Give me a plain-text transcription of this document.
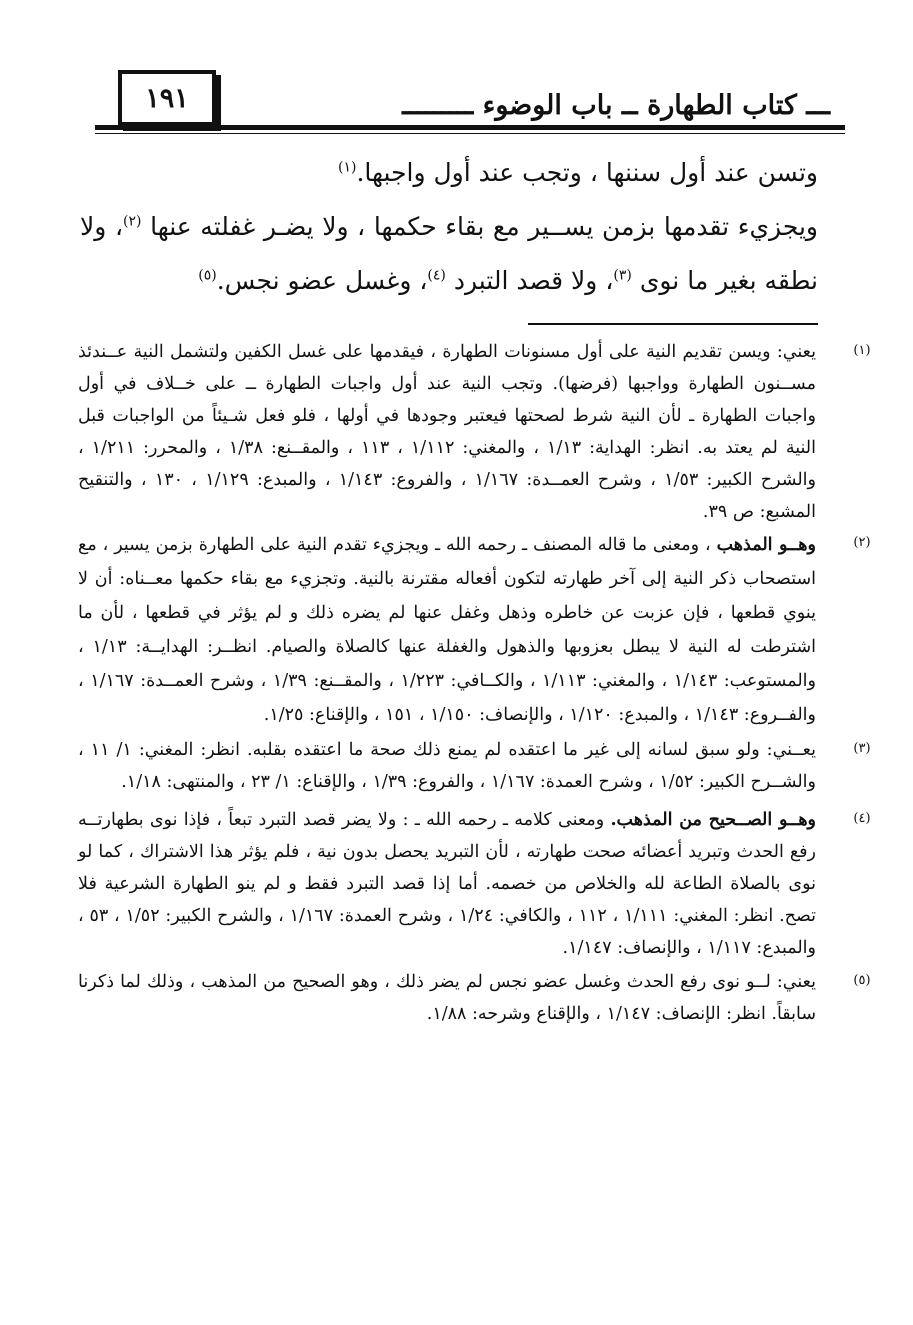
١٩١	ـــ كتاب الطهارة ــ باب الوضوء ـــــــــ

وتسن عند أول سننها ، وتجب عند أول واجبها.$^{(١)}$

ويجزيء تقدمها بزمن يســير مع بقاء حكمها ، ولا يضـر غفلته عنها $^{(٢)}$، ولا نطقه بغير ما نوى $^{(٣)}$، ولا قصد التبرد $^{(٤)}$، وغسل عضو نجس.$^{(٥)}$

(١)
يعني: ويسن تقديم النية على أول مسنونات الطهارة ، فيقدمها على غسل الكفين ولتشمل النية عــندئذ مســنون الطهارة وواجبها (فرضها). وتجب النية عند أول واجبات الطهارة ــ على خــلاف في أول واجبات الطهارة ـ لأن النية شرط لصحتها فيعتبر وجودها في أولها ، فلو فعل شـيئاً من الواجبات قبل النية لم يعتد به. انظر: الهداية: ١/١٣ ، والمغني: ١/١١٢ ، ١١٣ ، والمقــنع: ١/٣٨ ، والمحرر: ١/٢١١ ، والشرح الكبير: ١/٥٣ ، وشرح العمــدة: ١/١٦٧ ، والفروع: ١/١٤٣ ، والمبدع: ١/١٢٩ ، ١٣٠ ، والتنقيح المشبع: ص ٣٩.
(٢)
وهــو المذهب ، ومعنى ما قاله المصنف ـ رحمه الله ـ ويجزيء تقدم النية على الطهارة بزمن يسير ، مع استصحاب ذكر النية إلى آخر طهارته لتكون أفعاله مقترنة بالنية. وتجزيء مع بقاء حكمها معــناه: أن لا ينوي قطعها ، فإن عزبت عن خاطره وذهل وغفل عنها لم يضره ذلك و لم يؤثر في قطعها ، لأن ما اشترطت له النية لا يبطل بعزوبها والذهول والغفلة عنها كالصلاة والصيام. انظــر: الهدايــة: ١/١٣ ، والمستوعب: ١/١٤٣ ، والمغني: ١/١١٣ ، والكــافي: ١/٢٢٣ ، والمقــنع: ١/٣٩ ، وشرح العمــدة: ١/١٦٧ ، والفــروع: ١/١٤٣ ، والمبدع: ١/١٢٠ ، والإنصاف: ١/١٥٠ ، ١٥١ ، والإقناع: ١/٢٥.
(٣)
يعــني: ولو سبق لسانه إلى غير ما اعتقده لم يمنع ذلك صحة ما اعتقده بقلبه. انظر: المغني: ١/ ١١ ، والشــرح الكبير: ١/٥٢ ، وشرح العمدة: ١/١٦٧ ، والفروع: ١/٣٩ ، والإقناع: ١/ ٢٣ ، والمنتهى: ١/١٨.
(٤)
وهــو الصــحيح من المذهب. ومعنى كلامه ـ رحمه الله ـ : ولا يضر قصد التبرد تبعاً ، فإذا نوى بطهارتــه رفع الحدث وتبريد أعضائه صحت طهارته ، لأن التبريد يحصل بدون نية ، فلم يؤثر هذا الاشتراك ، كما لو نوى بالصلاة الطاعة لله والخلاص من خصمه. أما إذا قصد التبرد فقط و لم ينو الطهارة الشرعية فلا تصح. انظر: المغني: ١/١١١ ، ١١٢ ، والكافي: ١/٢٤ ، وشرح العمدة: ١/١٦٧ ، والشرح الكبير: ١/٥٢ ، ٥٣ ، والمبدع: ١/١١٧ ، والإنصاف: ١/١٤٧.
(٥)
يعني: لــو نوى رفع الحدث وغسل عضو نجس لم يضر ذلك ، وهو الصحيح من المذهب ، وذلك لما ذكرنا سابقاً. انظر: الإنصاف: ١/١٤٧ ، والإقناع وشرحه: ١/٨٨.
